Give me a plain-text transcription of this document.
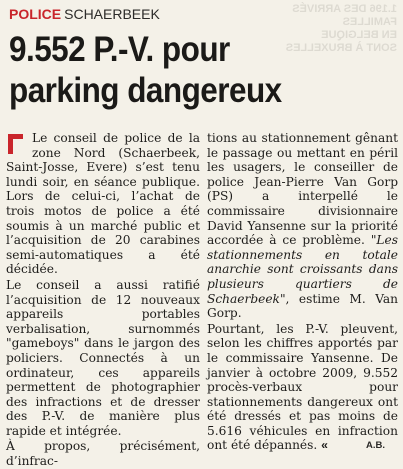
1.196 DES ARRIVÉS
FAMILLES
EN BELGIQUE
SONT À BRUXELLES
POLICE SCHAERBEEK
9.552 P.-V. pour
parking dangereux

Le conseil de police de la zone Nord (Schaerbeek, Saint-Josse, Evere) s’est tenu lundi soir, en séance publique. Lors de celui-ci, l’achat de trois motos de police a été soumis à un marché public et l’acquisition de 20 carabines semi-automatiques a été décidée.

Le conseil a aussi ratifié l’acquisition de 12 nouveaux appareils portables verbalisation, surnommés "gameboys" dans le jargon des policiers. Connectés à un ordinateur, ces appareils permettent de photographier des infractions et de dresser des P.-V. de manière plus rapide et intégrée.

À propos, précisément, d’infrac-

tions au stationnement gênant le passage ou mettant en péril les usagers, le conseiller de police Jean-Pierre Van Gorp (PS) a interpellé le commissaire divisionnaire David Yansenne sur la priorité accordée à ce problème. "Les stationnements en totale anarchie sont croissants dans plusieurs quartiers de Schaerbeek", estime M. Van Gorp.

Pourtant, les P.-V. pleuvent, selon les chiffres apportés par le commissaire Yansenne. De janvier à octobre 2009, 9.552 procès-verbaux pour stationnements dangereux ont été dressés et pas moins de 5.616 véhicules en infraction ont été dépannés. «	A.B.
